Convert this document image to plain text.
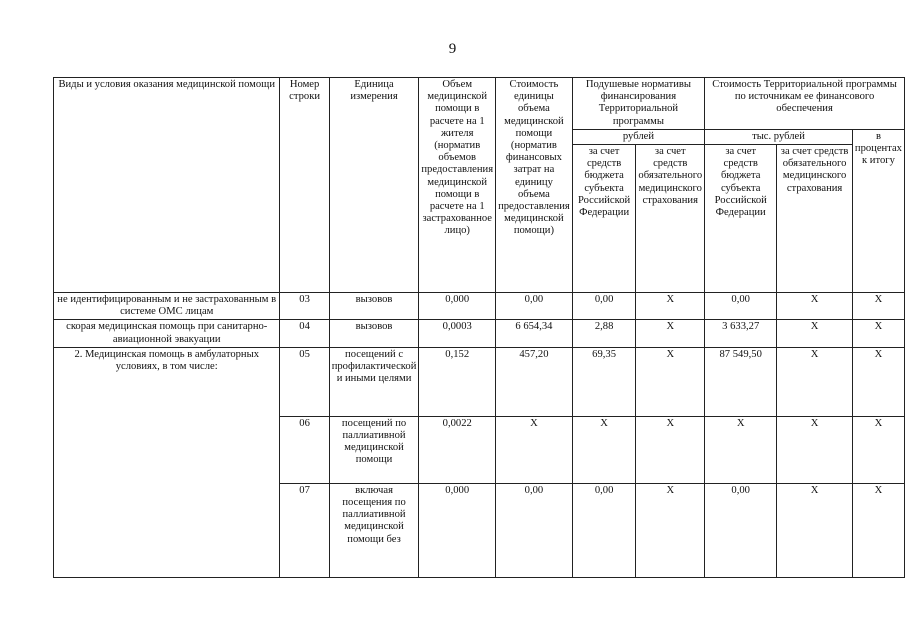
9
Виды и условия оказания медицинской помощи	Номер строки	Единица измерения	Объем медицинской помощи в расчете на 1 жителя (норматив объемов предоставления медицинской помощи в расчете на 1 застрахованное лицо)	Стоимость единицы объема медицинской помощи (норматив финансовых затрат на единицу объема предоставления медицинской помощи)	Подушевые нормативы финансирования Территориальной программы		Стоимость Территориальной программы по источникам ее финансового обеспечения		
					рублей		тыс. рублей		в процентах к итогу
					за счет средств бюджета субъекта Российской Федерации	за счет средств обязательного медицинского страхования	за счет средств бюджета субъекта Российской Федерации	за счет средств обязательного медицинского страхования	
не идентифицированным и не застрахованным в системе ОМС лицам	03	вызовов	0,000	0,00	0,00	Х	0,00	Х	Х
скорая медицинская помощь при санитарно-авиационной эвакуации	04	вызовов	0,0003	6 654,34	2,88	Х	3 633,27	Х	Х
2. Медицинская помощь в амбулаторных условиях, в том числе:	05	посещений с профилактической и иными целями	0,152	457,20	69,35	Х	87 549,50	Х	Х
	06	посещений по паллиативной медицинской помощи	0,0022	Х	Х	Х	Х	Х	Х
	07	включая посещения по паллиативной медицинской помощи без	0,000	0,00	0,00	Х	0,00	Х	Х
